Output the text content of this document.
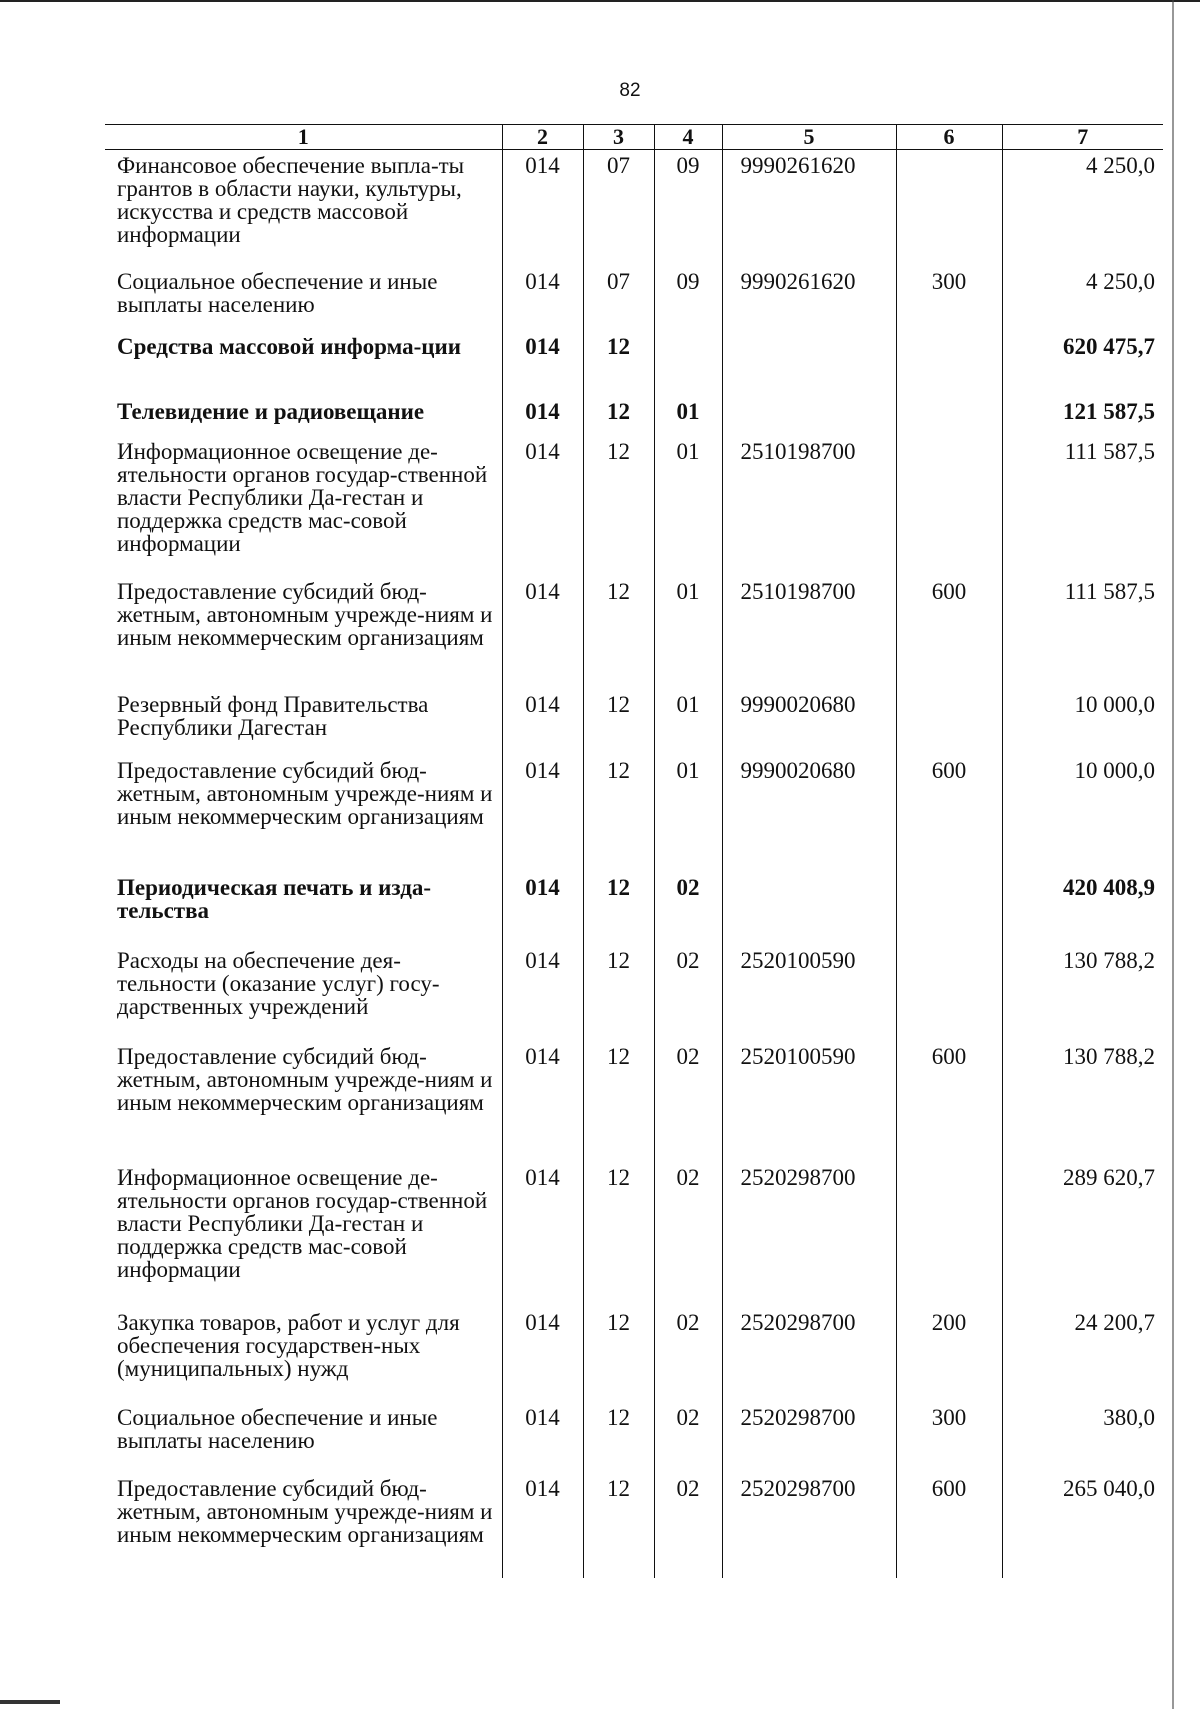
82
1	2	3	4	5	6	7
Финансовое обеспечение выпла-ты грантов в области науки, культуры, искусства и средств массовой информации	014	07	09	9990261620		4 250,0
Социальное обеспечение и иные выплаты населению	014	07	09	9990261620	300	4 250,0
Средства массовой информа-ции	014	12				620 475,7
Телевидение и радиовещание	014	12	01			121 587,5
Информационное освещение де-ятельности органов государ-ственной власти Республики Да-гестан и поддержка средств мас-совой информации	014	12	01	2510198700		111 587,5
Предоставление субсидий бюд-жетным, автономным учрежде-ниям и иным некоммерческим организациям	014	12	01	2510198700	600	111 587,5
Резервный фонд Правительства Республики Дагестан	014	12	01	9990020680		10 000,0
Предоставление субсидий бюд-жетным, автономным учрежде-ниям и иным некоммерческим организациям	014	12	01	9990020680	600	10 000,0
Периодическая печать и изда-тельства	014	12	02			420 408,9
Расходы на обеспечение дея-тельности (оказание услуг) госу-дарственных учреждений	014	12	02	2520100590		130 788,2
Предоставление субсидий бюд-жетным, автономным учрежде-ниям и иным некоммерческим организациям	014	12	02	2520100590	600	130 788,2
Информационное освещение де-ятельности органов государ-ственной власти Республики Да-гестан и поддержка средств мас-совой информации	014	12	02	2520298700		289 620,7
Закупка товаров, работ и услуг для обеспечения государствен-ных (муниципальных) нужд	014	12	02	2520298700	200	24 200,7
Социальное обеспечение и иные выплаты населению	014	12	02	2520298700	300	380,0
Предоставление субсидий бюд-жетным, автономным учрежде-ниям и иным некоммерческим организациям	014	12	02	2520298700	600	265 040,0
